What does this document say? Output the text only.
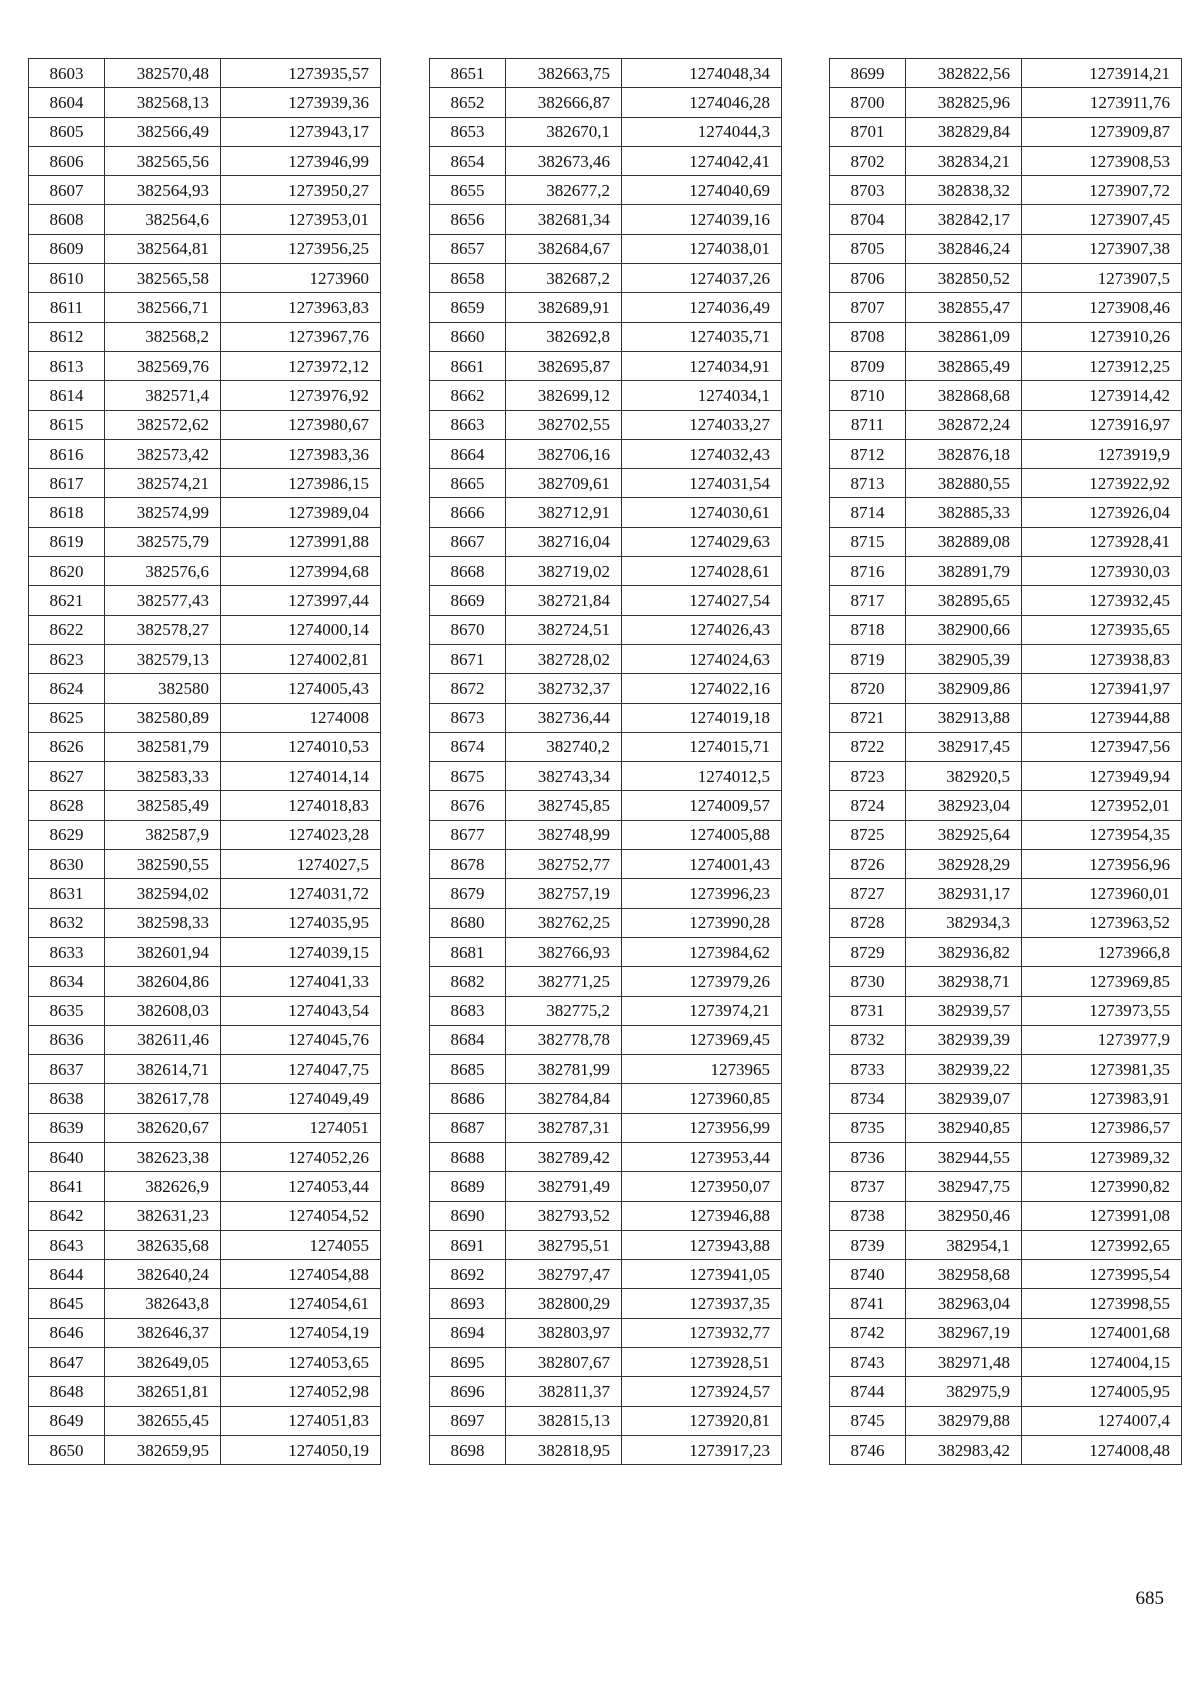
8603	382570,48	1273935,57
8604	382568,13	1273939,36
8605	382566,49	1273943,17
8606	382565,56	1273946,99
8607	382564,93	1273950,27
8608	382564,6	1273953,01
8609	382564,81	1273956,25
8610	382565,58	1273960
8611	382566,71	1273963,83
8612	382568,2	1273967,76
8613	382569,76	1273972,12
8614	382571,4	1273976,92
8615	382572,62	1273980,67
8616	382573,42	1273983,36
8617	382574,21	1273986,15
8618	382574,99	1273989,04
8619	382575,79	1273991,88
8620	382576,6	1273994,68
8621	382577,43	1273997,44
8622	382578,27	1274000,14
8623	382579,13	1274002,81
8624	382580	1274005,43
8625	382580,89	1274008
8626	382581,79	1274010,53
8627	382583,33	1274014,14
8628	382585,49	1274018,83
8629	382587,9	1274023,28
8630	382590,55	1274027,5
8631	382594,02	1274031,72
8632	382598,33	1274035,95
8633	382601,94	1274039,15
8634	382604,86	1274041,33
8635	382608,03	1274043,54
8636	382611,46	1274045,76
8637	382614,71	1274047,75
8638	382617,78	1274049,49
8639	382620,67	1274051
8640	382623,38	1274052,26
8641	382626,9	1274053,44
8642	382631,23	1274054,52
8643	382635,68	1274055
8644	382640,24	1274054,88
8645	382643,8	1274054,61
8646	382646,37	1274054,19
8647	382649,05	1274053,65
8648	382651,81	1274052,98
8649	382655,45	1274051,83
8650	382659,95	1274050,19
8651	382663,75	1274048,34
8652	382666,87	1274046,28
8653	382670,1	1274044,3
8654	382673,46	1274042,41
8655	382677,2	1274040,69
8656	382681,34	1274039,16
8657	382684,67	1274038,01
8658	382687,2	1274037,26
8659	382689,91	1274036,49
8660	382692,8	1274035,71
8661	382695,87	1274034,91
8662	382699,12	1274034,1
8663	382702,55	1274033,27
8664	382706,16	1274032,43
8665	382709,61	1274031,54
8666	382712,91	1274030,61
8667	382716,04	1274029,63
8668	382719,02	1274028,61
8669	382721,84	1274027,54
8670	382724,51	1274026,43
8671	382728,02	1274024,63
8672	382732,37	1274022,16
8673	382736,44	1274019,18
8674	382740,2	1274015,71
8675	382743,34	1274012,5
8676	382745,85	1274009,57
8677	382748,99	1274005,88
8678	382752,77	1274001,43
8679	382757,19	1273996,23
8680	382762,25	1273990,28
8681	382766,93	1273984,62
8682	382771,25	1273979,26
8683	382775,2	1273974,21
8684	382778,78	1273969,45
8685	382781,99	1273965
8686	382784,84	1273960,85
8687	382787,31	1273956,99
8688	382789,42	1273953,44
8689	382791,49	1273950,07
8690	382793,52	1273946,88
8691	382795,51	1273943,88
8692	382797,47	1273941,05
8693	382800,29	1273937,35
8694	382803,97	1273932,77
8695	382807,67	1273928,51
8696	382811,37	1273924,57
8697	382815,13	1273920,81
8698	382818,95	1273917,23
8699	382822,56	1273914,21
8700	382825,96	1273911,76
8701	382829,84	1273909,87
8702	382834,21	1273908,53
8703	382838,32	1273907,72
8704	382842,17	1273907,45
8705	382846,24	1273907,38
8706	382850,52	1273907,5
8707	382855,47	1273908,46
8708	382861,09	1273910,26
8709	382865,49	1273912,25
8710	382868,68	1273914,42
8711	382872,24	1273916,97
8712	382876,18	1273919,9
8713	382880,55	1273922,92
8714	382885,33	1273926,04
8715	382889,08	1273928,41
8716	382891,79	1273930,03
8717	382895,65	1273932,45
8718	382900,66	1273935,65
8719	382905,39	1273938,83
8720	382909,86	1273941,97
8721	382913,88	1273944,88
8722	382917,45	1273947,56
8723	382920,5	1273949,94
8724	382923,04	1273952,01
8725	382925,64	1273954,35
8726	382928,29	1273956,96
8727	382931,17	1273960,01
8728	382934,3	1273963,52
8729	382936,82	1273966,8
8730	382938,71	1273969,85
8731	382939,57	1273973,55
8732	382939,39	1273977,9
8733	382939,22	1273981,35
8734	382939,07	1273983,91
8735	382940,85	1273986,57
8736	382944,55	1273989,32
8737	382947,75	1273990,82
8738	382950,46	1273991,08
8739	382954,1	1273992,65
8740	382958,68	1273995,54
8741	382963,04	1273998,55
8742	382967,19	1274001,68
8743	382971,48	1274004,15
8744	382975,9	1274005,95
8745	382979,88	1274007,4
8746	382983,42	1274008,48
685
